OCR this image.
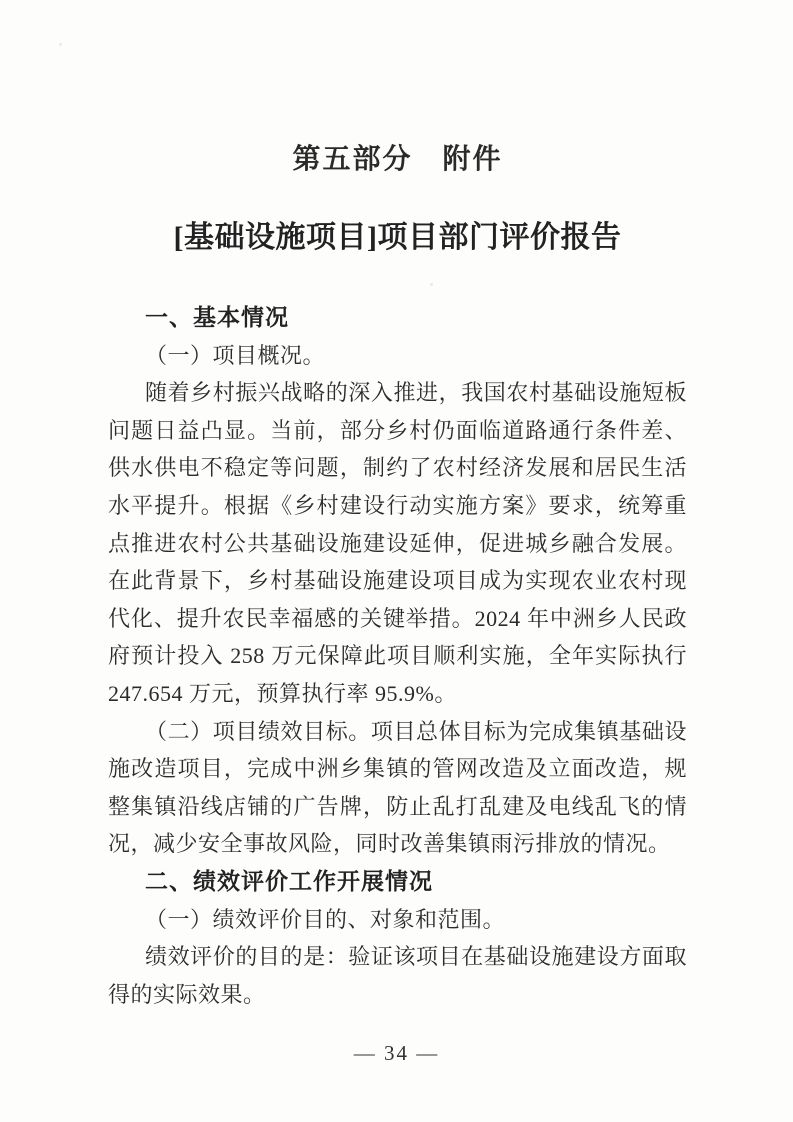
第五部分　附件
[基础设施项目]项目部门评价报告

一、基本情况

（一）项目概况。

随着乡村振兴战略的深入推进，我国农村基础设施短板问题日益凸显。当前，部分乡村仍面临道路通行条件差、供水供电不稳定等问题，制约了农村经济发展和居民生活水平提升。根据《乡村建设行动实施方案》要求，统筹重点推进农村公共基础设施建设延伸，促进城乡融合发展。在此背景下，乡村基础设施建设项目成为实现农业农村现代化、提升农民幸福感的关键举措。2024 年中洲乡人民政府预计投入 258 万元保障此项目顺利实施，全年实际执行 247.654 万元，预算执行率 95.9%。

（二）项目绩效目标。项目总体目标为完成集镇基础设施改造项目，完成中洲乡集镇的管网改造及立面改造，规整集镇沿线店铺的广告牌，防止乱打乱建及电线乱飞的情况，减少安全事故风险，同时改善集镇雨污排放的情况。

二、绩效评价工作开展情况

（一）绩效评价目的、对象和范围。

绩效评价的目的是：验证该项目在基础设施建设方面取得的实际效果。

— 34 —
